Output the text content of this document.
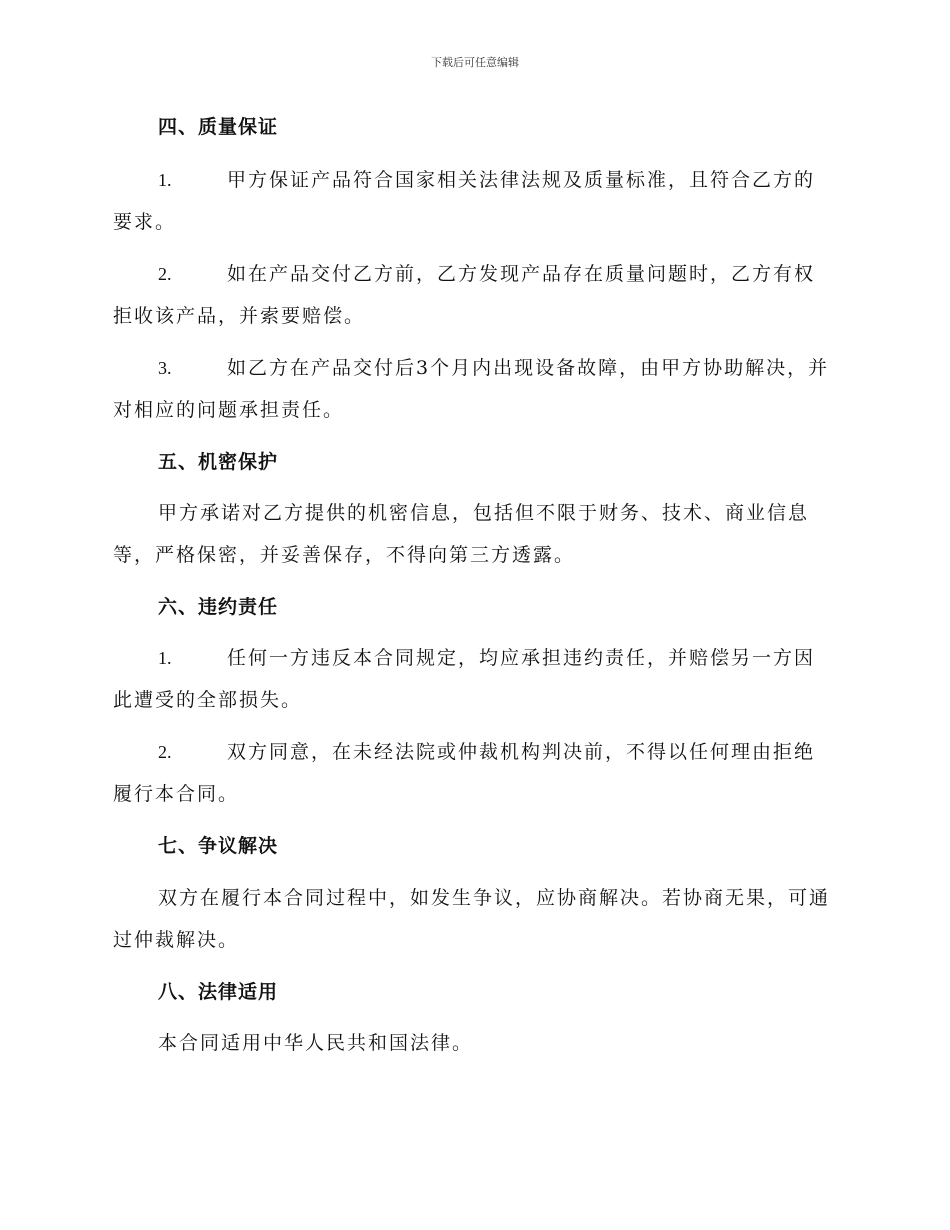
下载后可任意编辑
四、质量保证
1.	甲方保证产品符合国家相关法律法规及质量标准，且符合乙方的要求。
2.	如在产品交付乙方前，乙方发现产品存在质量问题时，乙方有权拒收该产品，并索要赔偿。
3.	如乙方在产品交付后3个月内出现设备故障，由甲方协助解决，并对相应的问题承担责任。
五、机密保护
甲方承诺对乙方提供的机密信息，包括但不限于财务、技术、商业信息等，严格保密，并妥善保存，不得向第三方透露。
六、违约责任
1.	任何一方违反本合同规定，均应承担违约责任，并赔偿另一方因此遭受的全部损失。
2.	双方同意，在未经法院或仲裁机构判决前，不得以任何理由拒绝履行本合同。
七、争议解决
双方在履行本合同过程中，如发生争议，应协商解决。若协商无果，可通过仲裁解决。
八、法律适用
本合同适用中华人民共和国法律。
